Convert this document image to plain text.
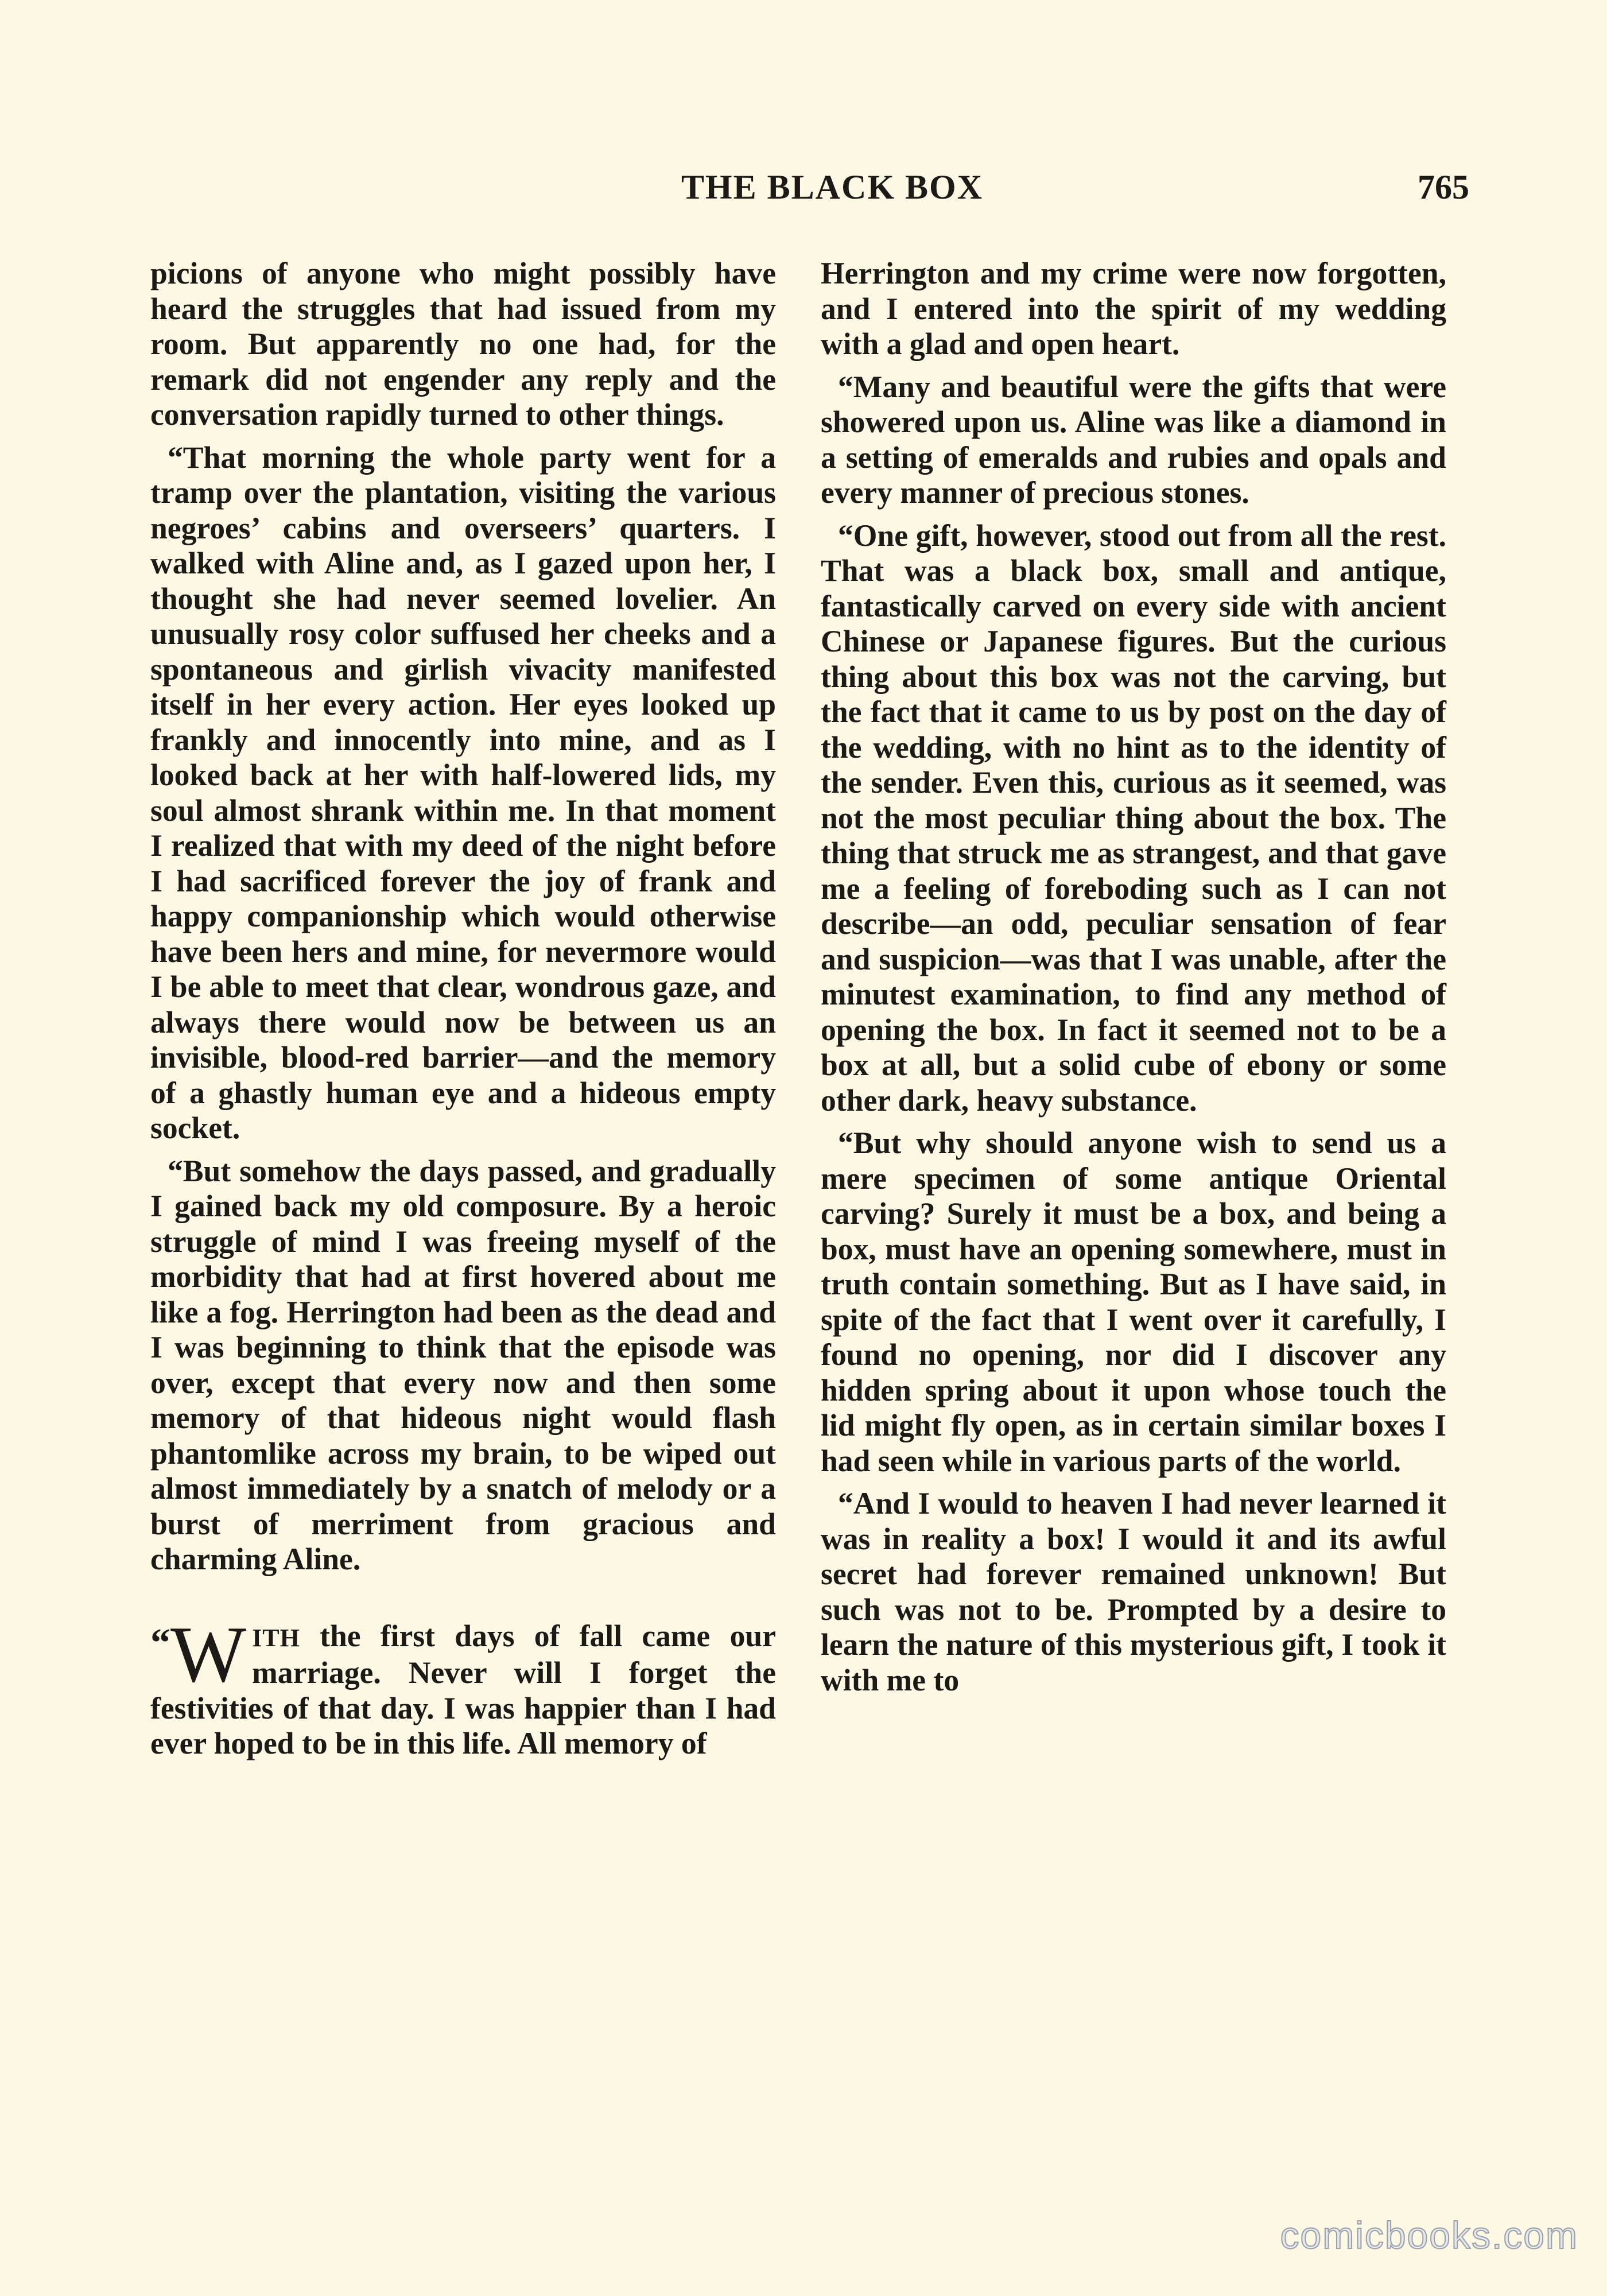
THE BLACK BOX	765

picions of anyone who might possibly have heard the struggles that had issued from my room. But apparently no one had, for the remark did not engender any reply and the conversation rapidly turned to other things.

“That morning the whole party went for a tramp over the plantation, visiting the various negroes’ cabins and overseers’ quarters. I walked with Aline and, as I gazed upon her, I thought she had never seemed lovelier. An unusually rosy color suffused her cheeks and a spontaneous and girlish vivacity manifested itself in her every action. Her eyes looked up frankly and innocently into mine, and as I looked back at her with half-lowered lids, my soul almost shrank within me. In that moment I realized that with my deed of the night before I had sacrificed forever the joy of frank and happy companionship which would otherwise have been hers and mine, for nevermore would I be able to meet that clear, wondrous gaze, and always there would now be between us an invisible, blood-red barrier—and the memory of a ghastly human eye and a hideous empty socket.

“But somehow the days passed, and gradually I gained back my old composure. By a heroic struggle of mind I was freeing myself of the morbidity that had at first hovered about me like a fog. Herrington had been as the dead and I was beginning to think that the episode was over, except that every now and then some memory of that hideous night would flash phantomlike across my brain, to be wiped out almost immediately by a snatch of melody or a burst of merriment from gracious and charming Aline.

“W ITH the first days of fall came our marriage. Never will I forget the festivities of that day. I was happier than I had ever hoped to be in this life. All memory of

Herrington and my crime were now forgotten, and I entered into the spirit of my wedding with a glad and open heart.

“Many and beautiful were the gifts that were showered upon us. Aline was like a diamond in a setting of emeralds and rubies and opals and every manner of precious stones.

“One gift, however, stood out from all the rest. That was a black box, small and antique, fantastically carved on every side with ancient Chinese or Japanese figures. But the curious thing about this box was not the carving, but the fact that it came to us by post on the day of the wedding, with no hint as to the identity of the sender. Even this, curious as it seemed, was not the most peculiar thing about the box. The thing that struck me as strangest, and that gave me a feeling of foreboding such as I can not describe—an odd, peculiar sensation of fear and suspicion—was that I was unable, after the minutest examination, to find any method of opening the box. In fact it seemed not to be a box at all, but a solid cube of ebony or some other dark, heavy substance.

“But why should anyone wish to send us a mere specimen of some antique Oriental carving? Surely it must be a box, and being a box, must have an opening somewhere, must in truth contain something. But as I have said, in spite of the fact that I went over it carefully, I found no opening, nor did I discover any hidden spring about it upon whose touch the lid might fly open, as in certain similar boxes I had seen while in various parts of the world.

“And I would to heaven I had never learned it was in reality a box! I would it and its awful secret had forever remained unknown! But such was not to be. Prompted by a desire to learn the nature of this mysterious gift, I took it with me to

comicbooks.com
